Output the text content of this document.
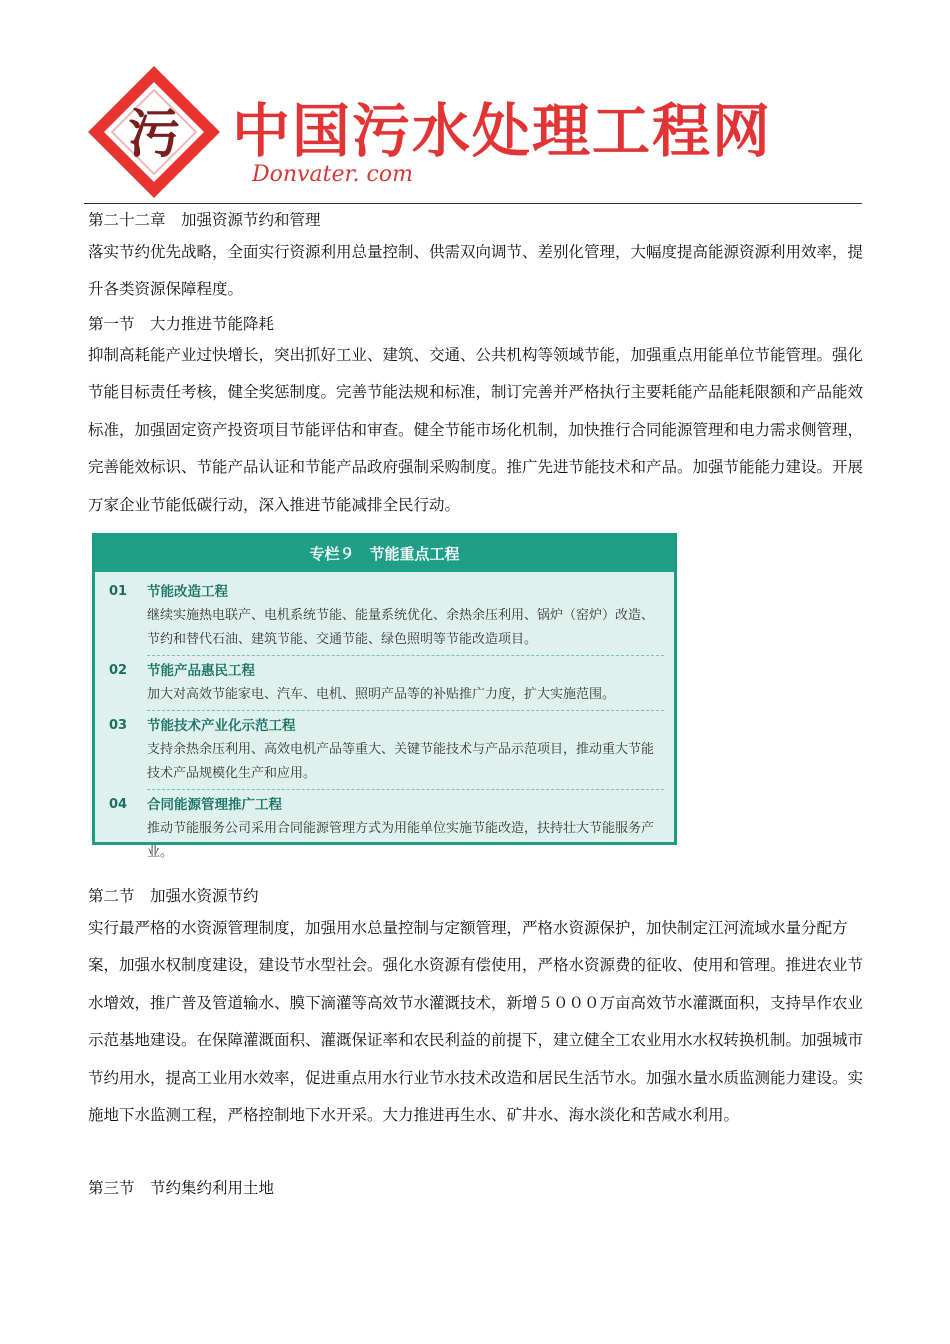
污 中国污水处理工程网
Donvater. com
第二十二章　加强资源节约和管理
落实节约优先战略，全面实行资源利用总量控制、供需双向调节、差别化管理，大幅度提高能源资源利用效率，提升各类资源保障程度。
第一节　大力推进节能降耗
抑制高耗能产业过快增长，突出抓好工业、建筑、交通、公共机构等领域节能，加强重点用能单位节能管理。强化节能目标责任考核，健全奖惩制度。完善节能法规和标准，制订完善并严格执行主要耗能产品能耗限额和产品能效标准，加强固定资产投资项目节能评估和审查。健全节能市场化机制，加快推行合同能源管理和电力需求侧管理，完善能效标识、节能产品认证和节能产品政府强制采购制度。推广先进节能技术和产品。加强节能能力建设。开展万家企业节能低碳行动，深入推进节能减排全民行动。
专栏９　节能重点工程
01 节能改造工程
继续实施热电联产、电机系统节能、能量系统优化、余热余压利用、锅炉（窑炉）改造、节约和替代石油、建筑节能、交通节能、绿色照明等节能改造项目。
02 节能产品惠民工程
加大对高效节能家电、汽车、电机、照明产品等的补贴推广力度，扩大实施范围。
03 节能技术产业化示范工程
支持余热余压利用、高效电机产品等重大、关键节能技术与产品示范项目，推动重大节能技术产品规模化生产和应用。
04 合同能源管理推广工程
推动节能服务公司采用合同能源管理方式为用能单位实施节能改造，扶持壮大节能服务产业。
第二节　加强水资源节约
实行最严格的水资源管理制度，加强用水总量控制与定额管理，严格水资源保护，加快制定江河流域水量分配方案，加强水权制度建设，建设节水型社会。强化水资源有偿使用，严格水资源费的征收、使用和管理。推进农业节水增效，推广普及管道输水、膜下滴灌等高效节水灌溉技术，新增５０００万亩高效节水灌溉面积，支持旱作农业示范基地建设。在保障灌溉面积、灌溉保证率和农民利益的前提下，建立健全工农业用水水权转换机制。加强城市节约用水，提高工业用水效率，促进重点用水行业节水技术改造和居民生活节水。加强水量水质监测能力建设。实施地下水监测工程，严格控制地下水开采。大力推进再生水、矿井水、海水淡化和苦咸水利用。
第三节　节约集约利用土地
